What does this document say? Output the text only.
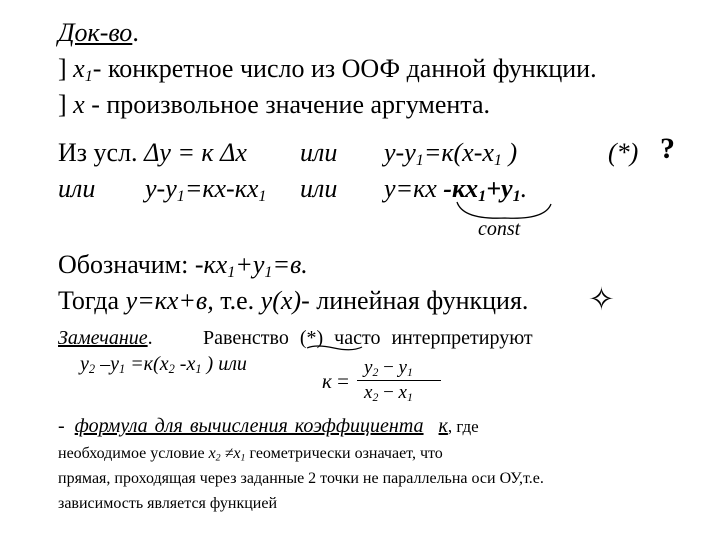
Док-во.
] $x_1-$ конкретное число из ООФ данной функции.
] x - произвольное значение аргумента.
Из усл. Δy = к Δx или $y-y_1=к(x-x_1$ )	(*) ?
или $y-y_1=кx-кx_1$ или y=кx $-кx_1+y_1$.
const
Обозначим: $-кx_1+y_1=в$.
Тогда y=кx+в, т.е. y(x)- линейная функция. ✧
Замечание.	Равенство (*) часто интерпретируют
$y_2$ $-y_1 =к(x_2$ $-x_1$ ) или
к =
$y_2 - y_1$
$x_2 - x_1$
- формула для вычисления коэффициента к, где
необходимое условие $x_2 \ne x_1$ геометрически означает, что
прямая, проходящая через заданные 2 точки не параллельна оси ОУ,т.е.
зависимость является функцией
